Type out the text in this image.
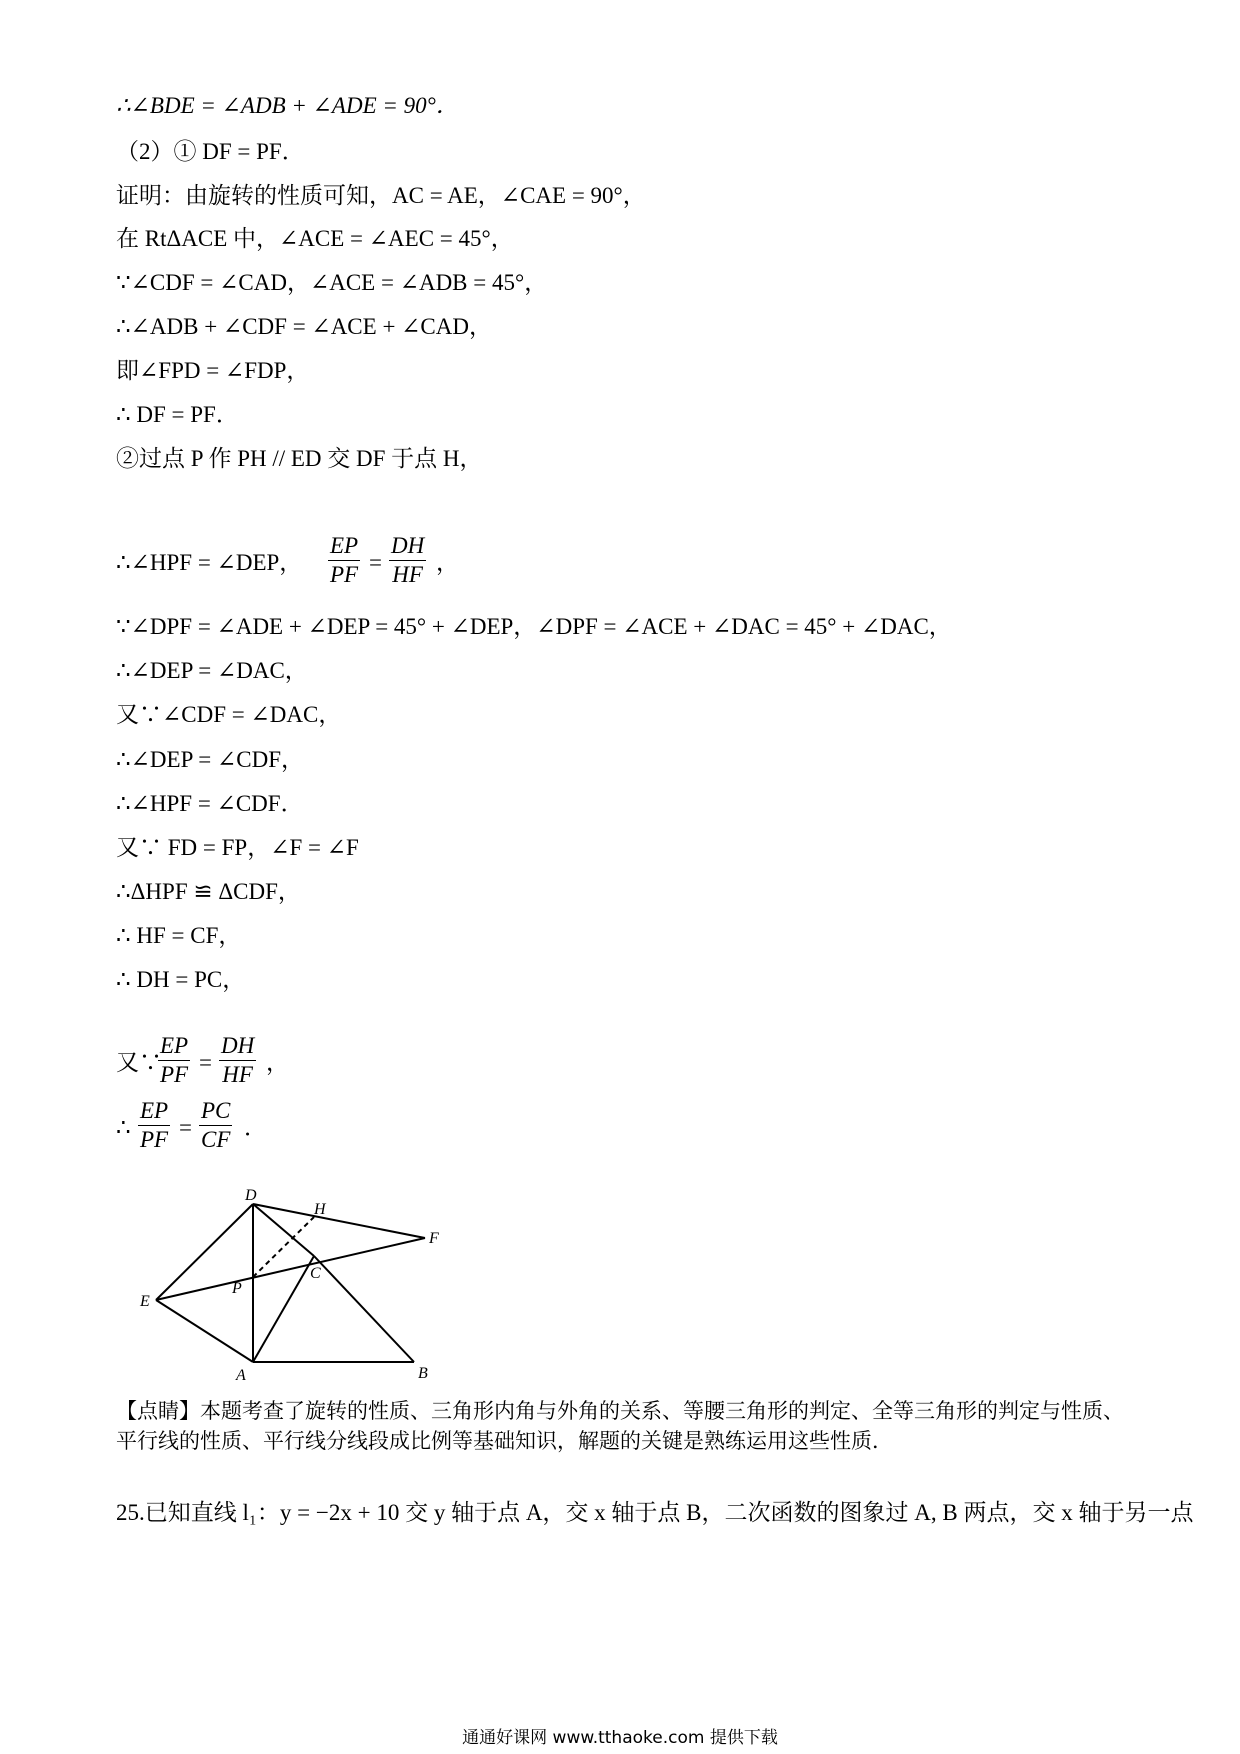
∴∠BDE = ∠ADB + ∠ADE = 90°．
（2）① DF = PF．
证明：由旋转的性质可知，AC = AE，∠CAE = 90°，
在 RtΔACE 中，∠ACE = ∠AEC = 45°，
∵∠CDF = ∠CAD，∠ACE = ∠ADB = 45°，
∴∠ADB + ∠CDF = ∠ACE + ∠CAD，
即∠FPD = ∠FDP，
∴ DF = PF．
②过点 P 作 PH // ED 交 DF 于点 H，
∴∠HPF = ∠DEP，
EP
PF =
DH
HF ，
∵∠DPF = ∠ADE + ∠DEP = 45° + ∠DEP，∠DPF = ∠ACE + ∠DAC = 45° + ∠DAC，
∴∠DEP = ∠DAC，
又∵∠CDF = ∠DAC，
∴∠DEP = ∠CDF，
∴∠HPF = ∠CDF．
又∵ FD = FP，∠F = ∠F
∴ΔHPF ≌ ΔCDF，
∴ HF = CF，
∴ DH = PC，
又∵
EP
PF =
DH
HF ，
∴
EP
PF =
PC
CF ．
D
H
F
E
P
C
A	B
【点睛】本题考查了旋转的性质、三角形内角与外角的关系、等腰三角形的判定、全等三角形的判定与性质、平行线的性质、平行线分线段成比例等基础知识，解题的关键是熟练运用这些性质．
25.已知直线 l₁：y = −2x + 10 交 y 轴于点 A，交 x 轴于点 B，二次函数的图象过 A, B 两点，交 x 轴于另一点
通通好课网 www.tthaoke.com 提供下载
